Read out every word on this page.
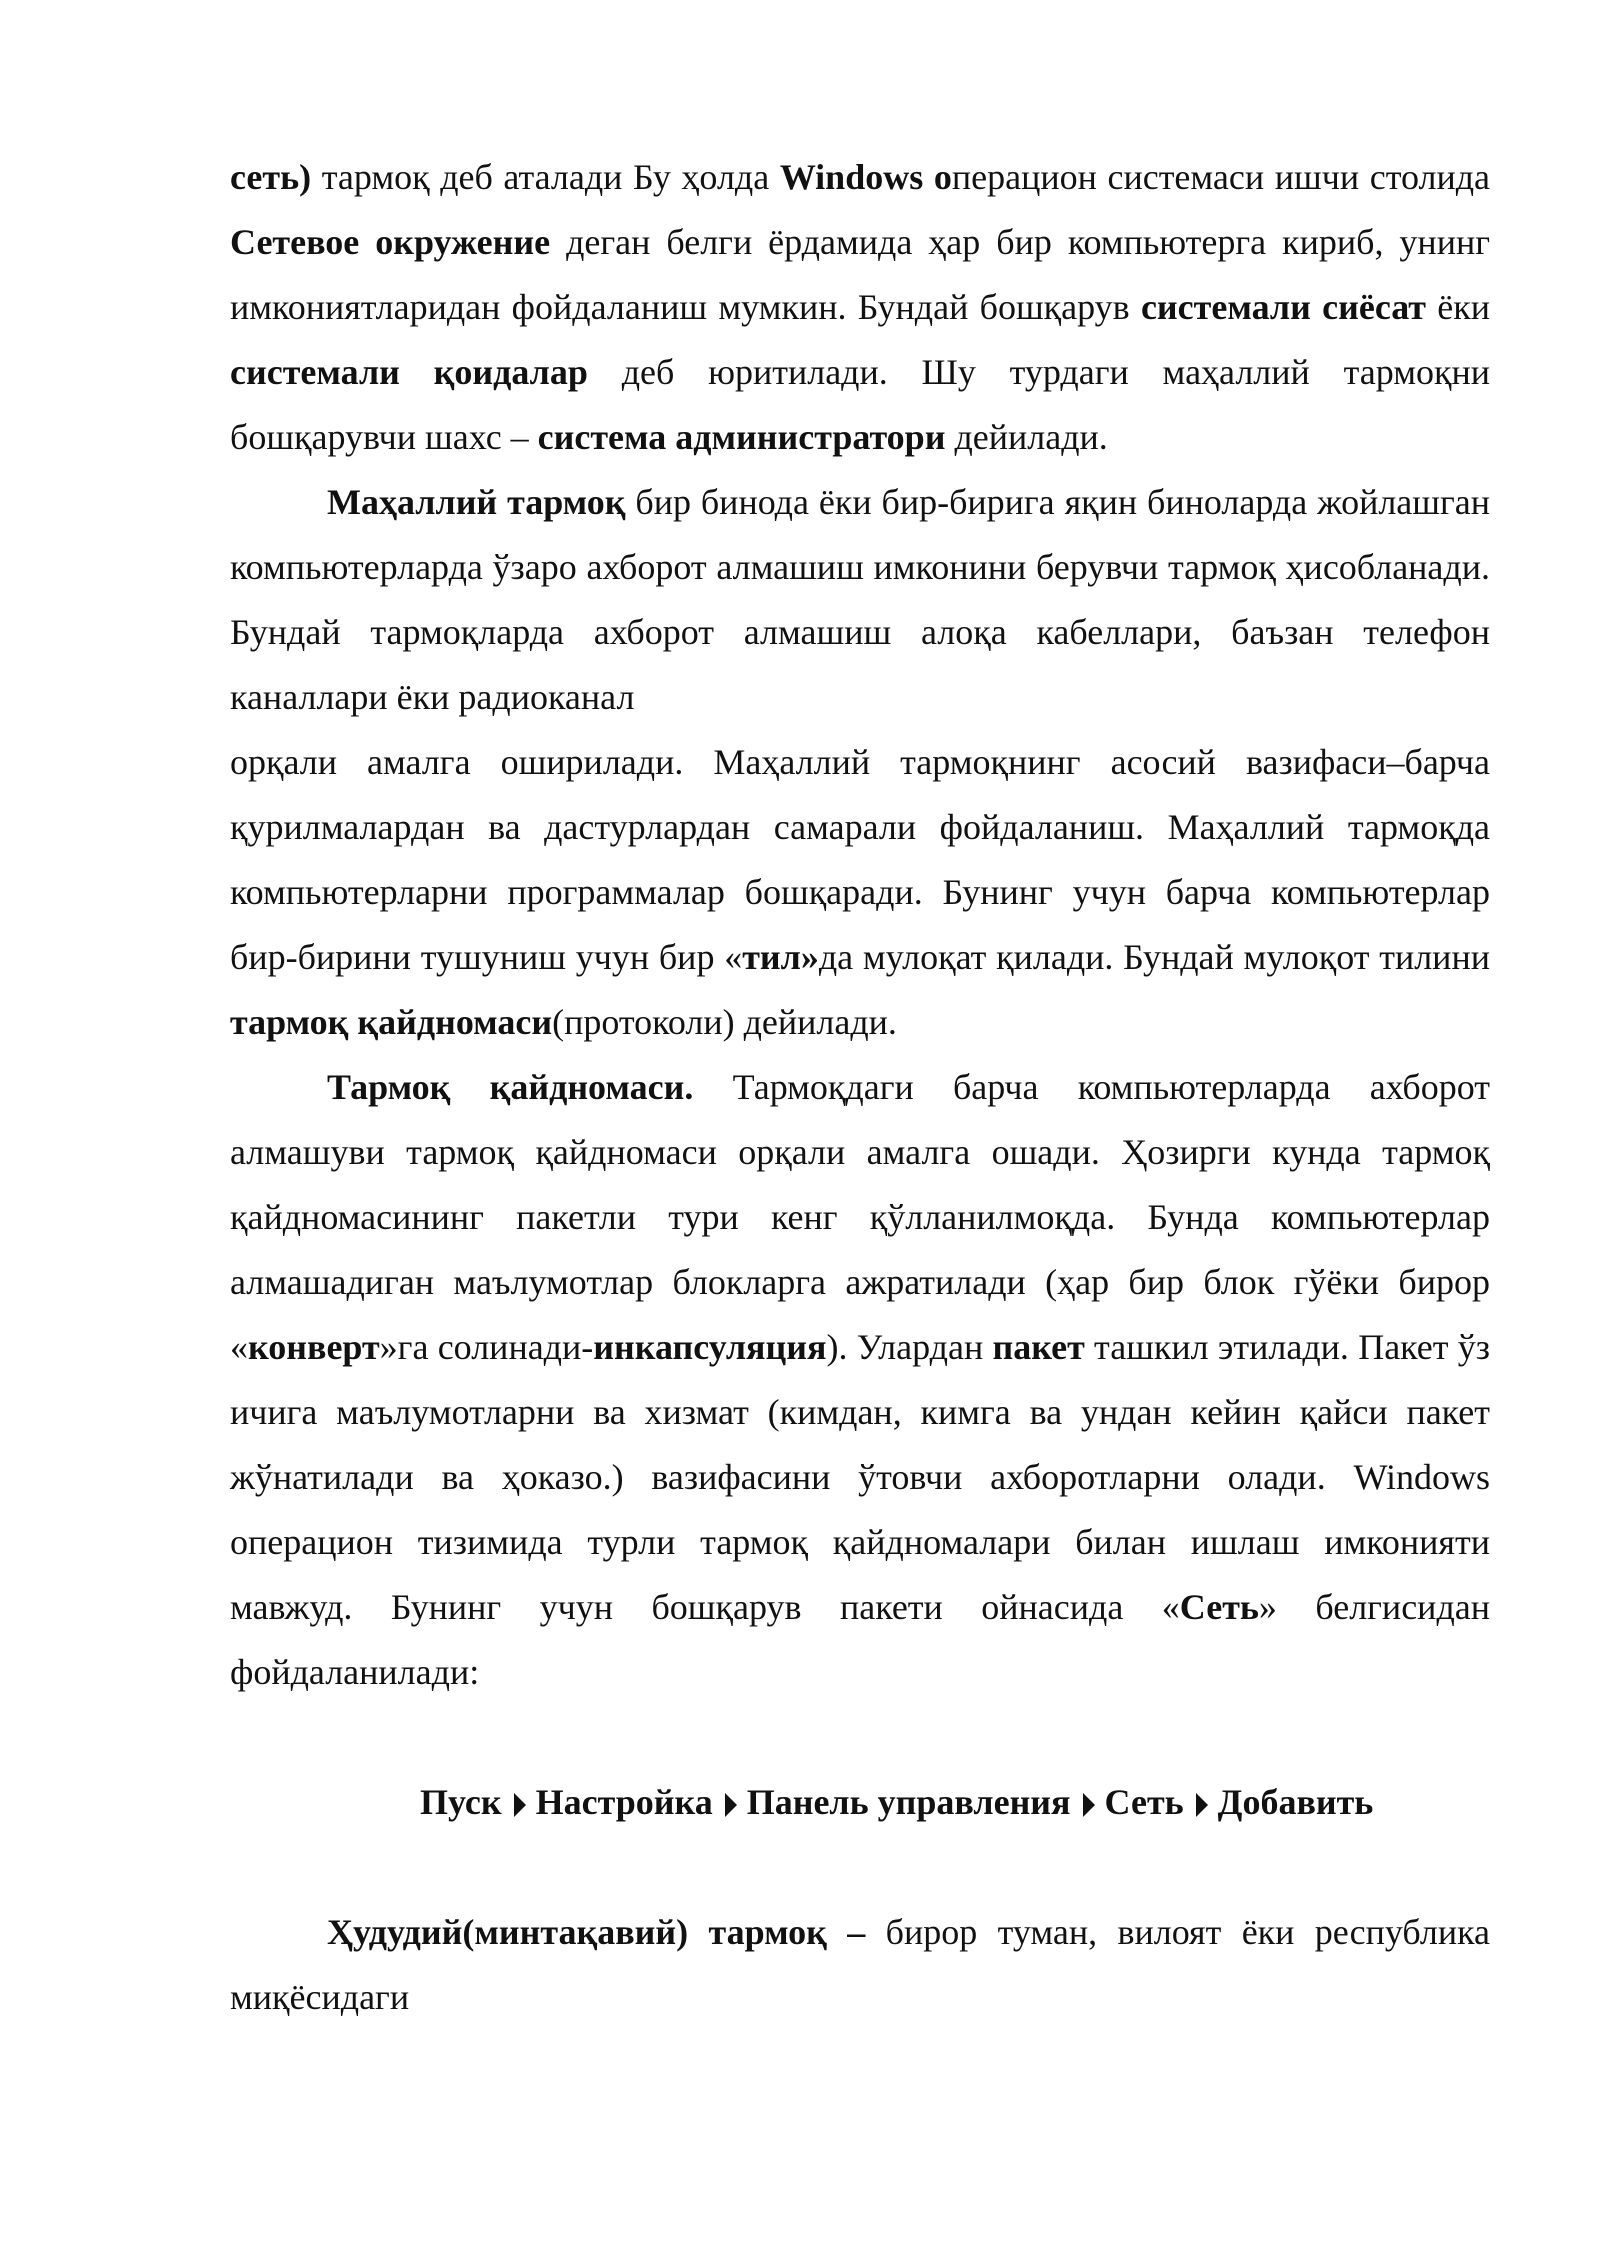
сеть) тармоқ деб аталади Бу ҳолда Windows операцион системаси ишчи столида Сетевое окружение деган белги ёрдамида ҳар бир компьютерга кириб, унинг имкониятларидан фойдаланиш мумкин. Бундай бошқарув системали сиёсат ёки системали қоидалар деб юритилади. Шу турдаги маҳаллий тармоқни бошқарувчи шахс – система администратори дейилади.

Маҳаллий тармоқ бир бинода ёки бир-бирига яқин биноларда жойлашган компьютерларда ўзаро ахборот алмашиш имконини берувчи тармоқ ҳисобланади. Бундай тармоқларда ахборот алмашиш алоқа кабеллари, баъзан телефон каналлари ёки радиоканал

орқали амалга оширилади. Маҳаллий тармоқнинг асосий вазифаси–барча қурилмалардан ва дастурлардан самарали фойдаланиш. Маҳаллий тармоқда компьютерларни программалар бошқаради. Бунинг учун барча компьютерлар бир-бирини тушуниш учун бир «тил»да мулоқат қилади. Бундай мулоқот тилини тармоқ қайдномаси(протоколи) дейилади.

Тармоқ қайдномаси. Тармоқдаги барча компьютерларда ахборот алмашуви тармоқ қайдномаси орқали амалга ошади. Ҳозирги кунда тармоқ қайдномасининг пакетли тури кенг қўлланилмоқда. Бунда компьютерлар алмашадиган маълумотлар блокларга ажратилади (ҳар бир блок гўёки бирор «конверт»га солинади-инкапсуляция). Улардан пакет ташкил этилади. Пакет ўз ичига маълумотларни ва хизмат (кимдан, кимга ва ундан кейин қайси пакет жўнатилади ва ҳоказо.) вазифасини ўтовчи ахборотларни олади. Windows операцион тизимида турли тармоқ қайдномалари билан ишлаш имконияти мавжуд. Бунинг учун бошқарув пакети ойнасида «Сеть» белгисидан фойдаланилади:

Пуск Настройка Панель управления Сеть Добавить

Ҳудудий(минтақавий) тармоқ – бирор туман, вилоят ёки республика миқёсидаги
